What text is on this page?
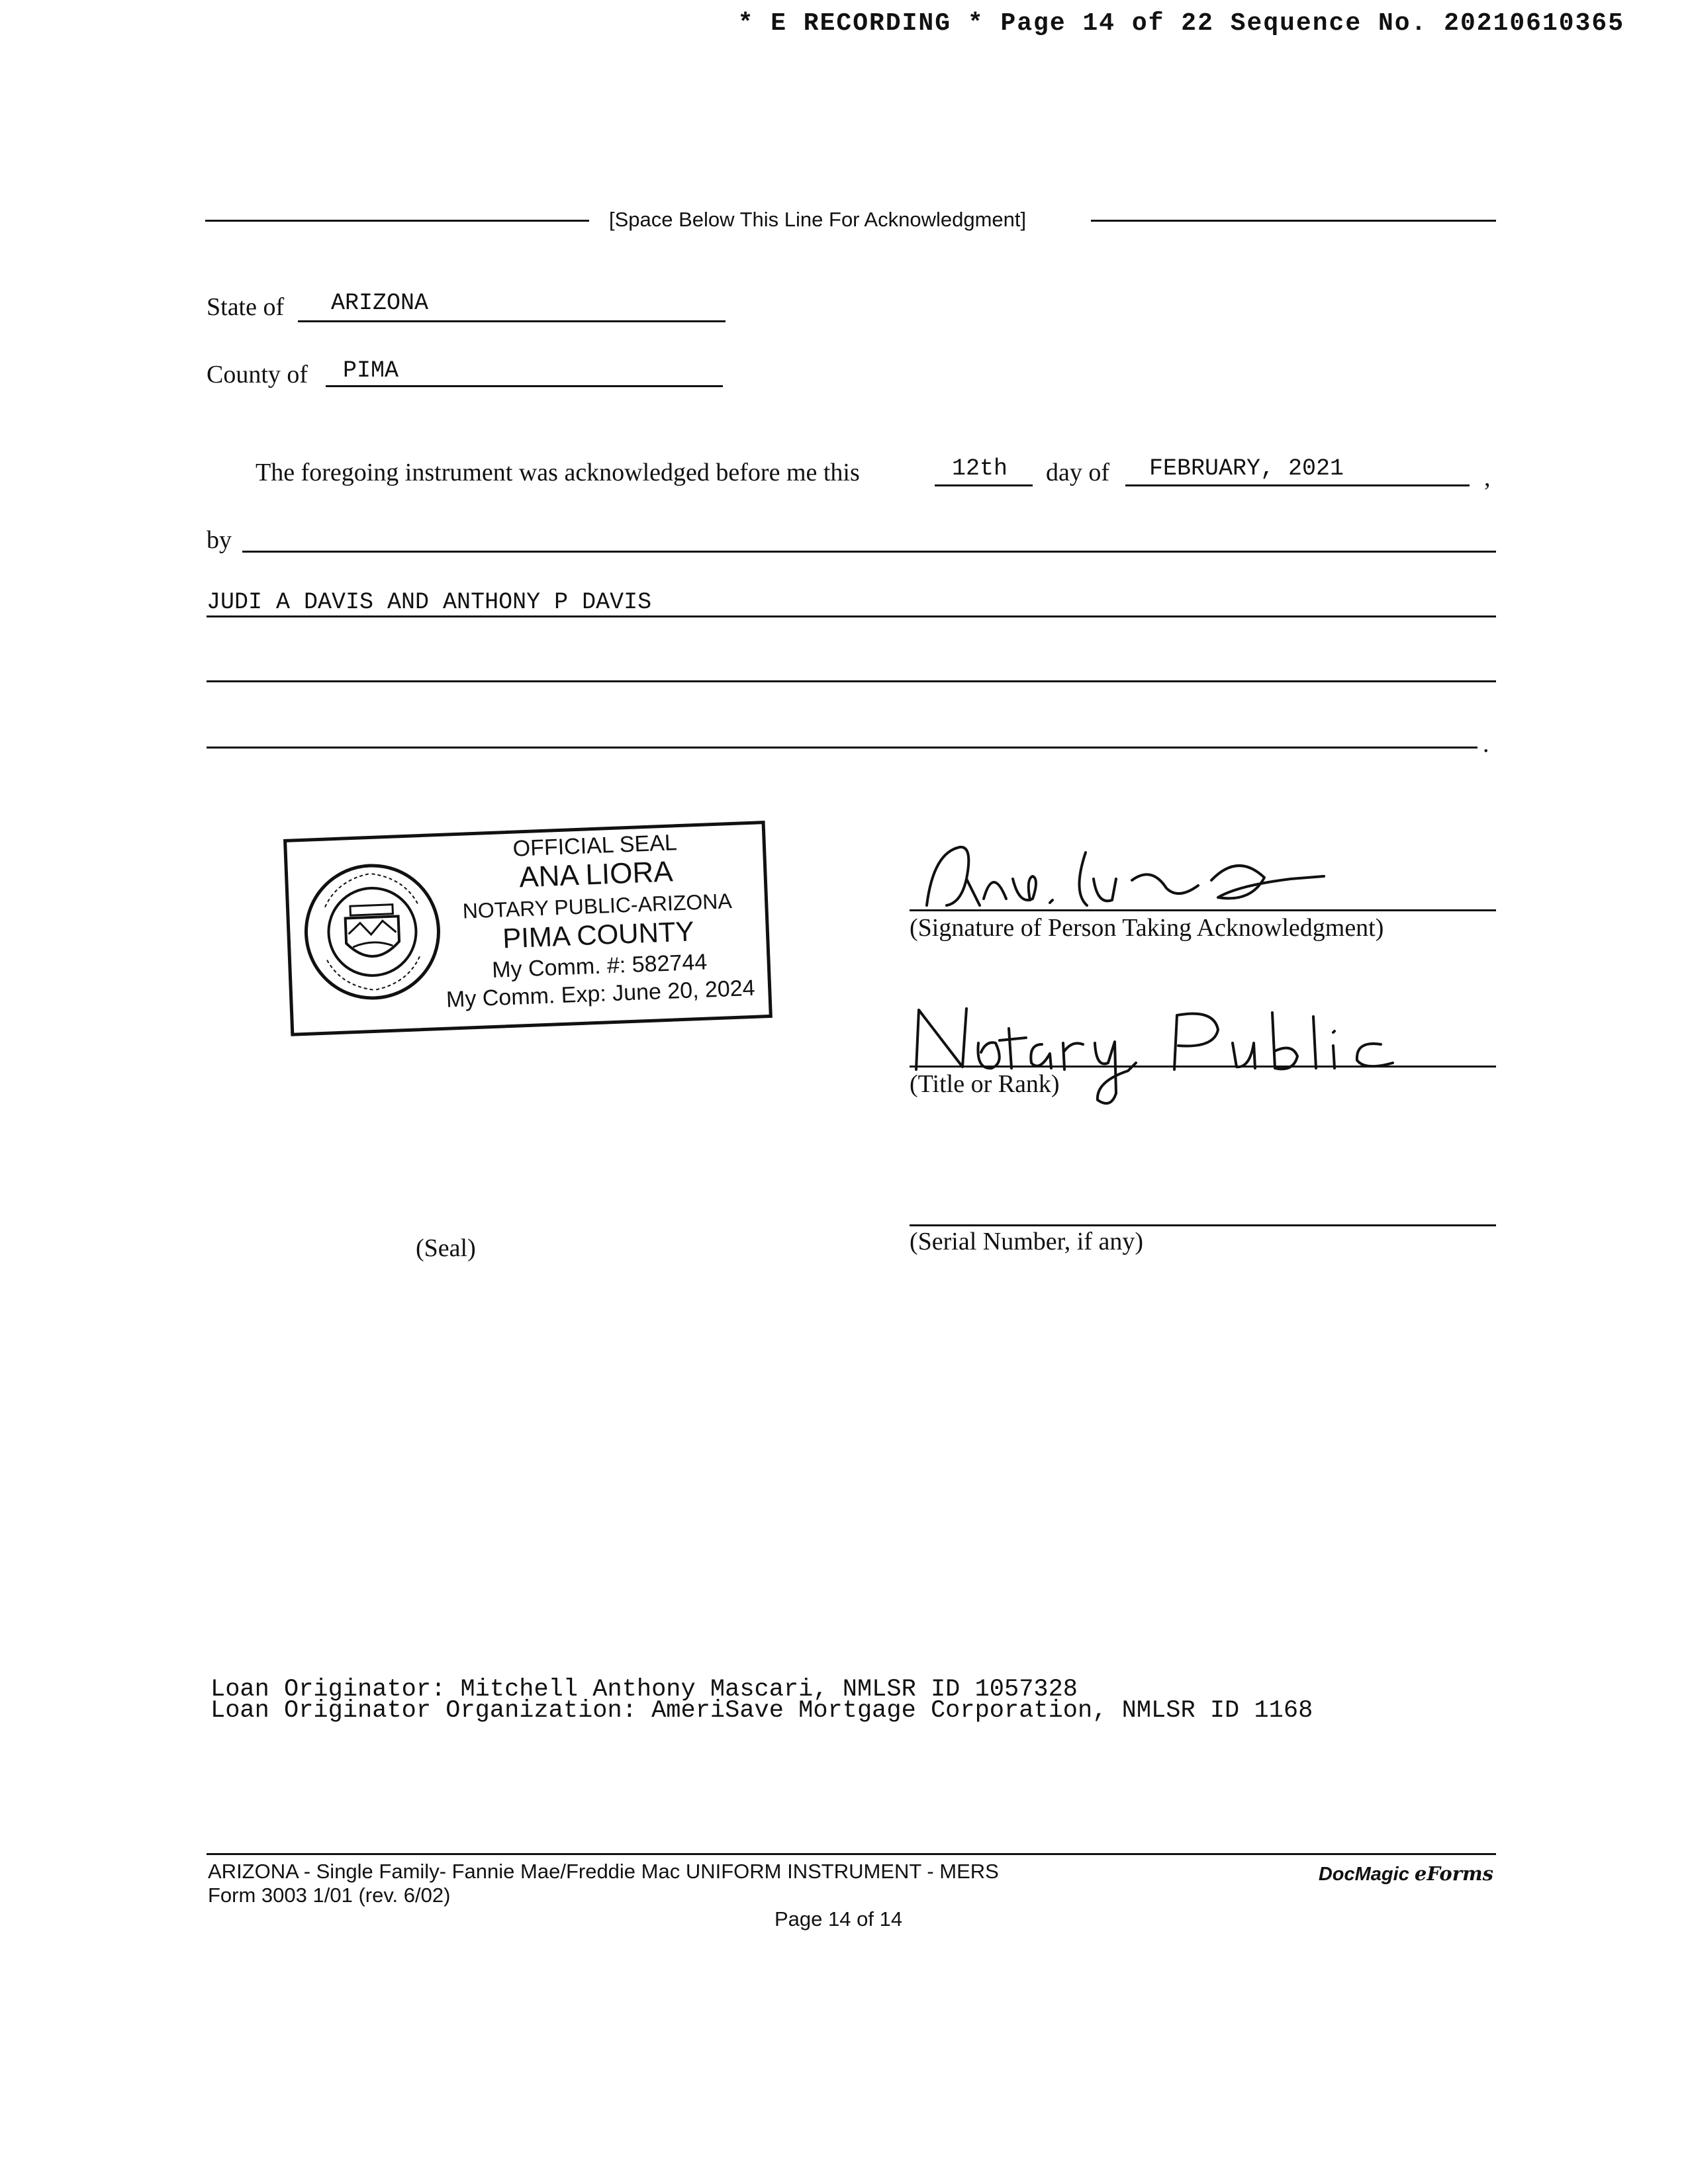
* E RECORDING * Page 14 of 22 Sequence No. 20210610365
[Space Below This Line For Acknowledgment]
State of ARIZONA
County of PIMA
The foregoing instrument was acknowledged before me this	12th day of FEBRUARY, 2021	,
by
JUDI A DAVIS AND ANTHONY P DAVIS
.
OFFICIAL SEAL
ANA LIORA
NOTARY PUBLIC-ARIZONA
PIMA COUNTY
My Comm. #: 582744
My Comm. Exp: June 20, 2024
(Signature of Person Taking Acknowledgment)
(Title or Rank)
(Seal)	(Serial Number, if any)
Loan Originator: Mitchell Anthony Mascari, NMLSR ID 1057328
Loan Originator Organization: AmeriSave Mortgage Corporation, NMLSR ID 1168
ARIZONA - Single Family- Fannie Mae/Freddie Mac UNIFORM INSTRUMENT - MERS
Form 3003 1/01 (rev. 6/02)
Page 14 of 14
DocMagic eForms
